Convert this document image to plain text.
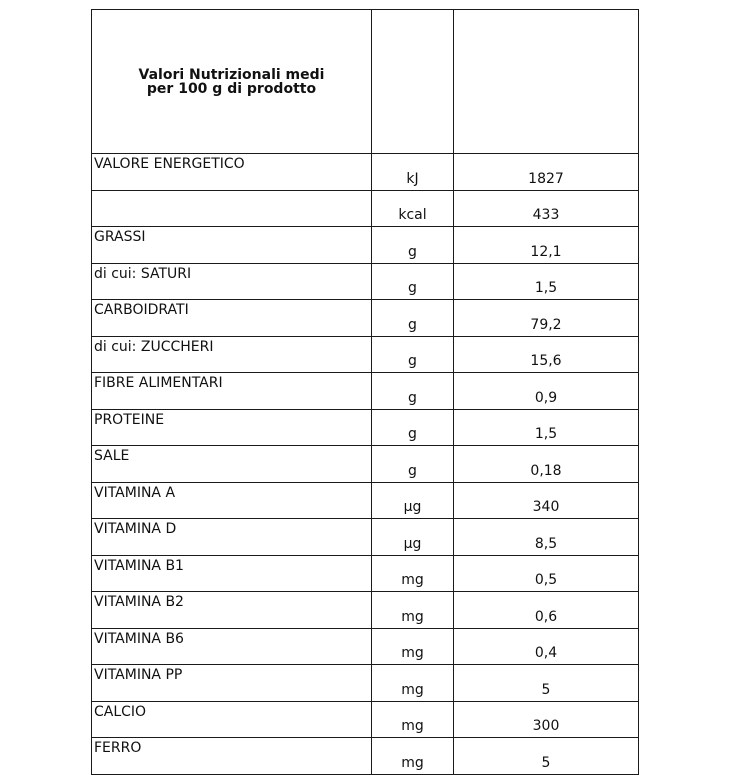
Valori Nutrizionali medi
per 100 g di prodotto		
VALORE ENERGETICO	kJ	1827
	kcal	433
GRASSI	g	12,1
di cui: SATURI	g	1,5
CARBOIDRATI	g	79,2
di cui: ZUCCHERI	g	15,6
FIBRE ALIMENTARI	g	0,9
PROTEINE	g	1,5
SALE	g	0,18
VITAMINA A	µg	340
VITAMINA D	µg	8,5
VITAMINA B1	mg	0,5
VITAMINA B2	mg	0,6
VITAMINA B6	mg	0,4
VITAMINA PP	mg	5
CALCIO	mg	300
FERRO	mg	5
